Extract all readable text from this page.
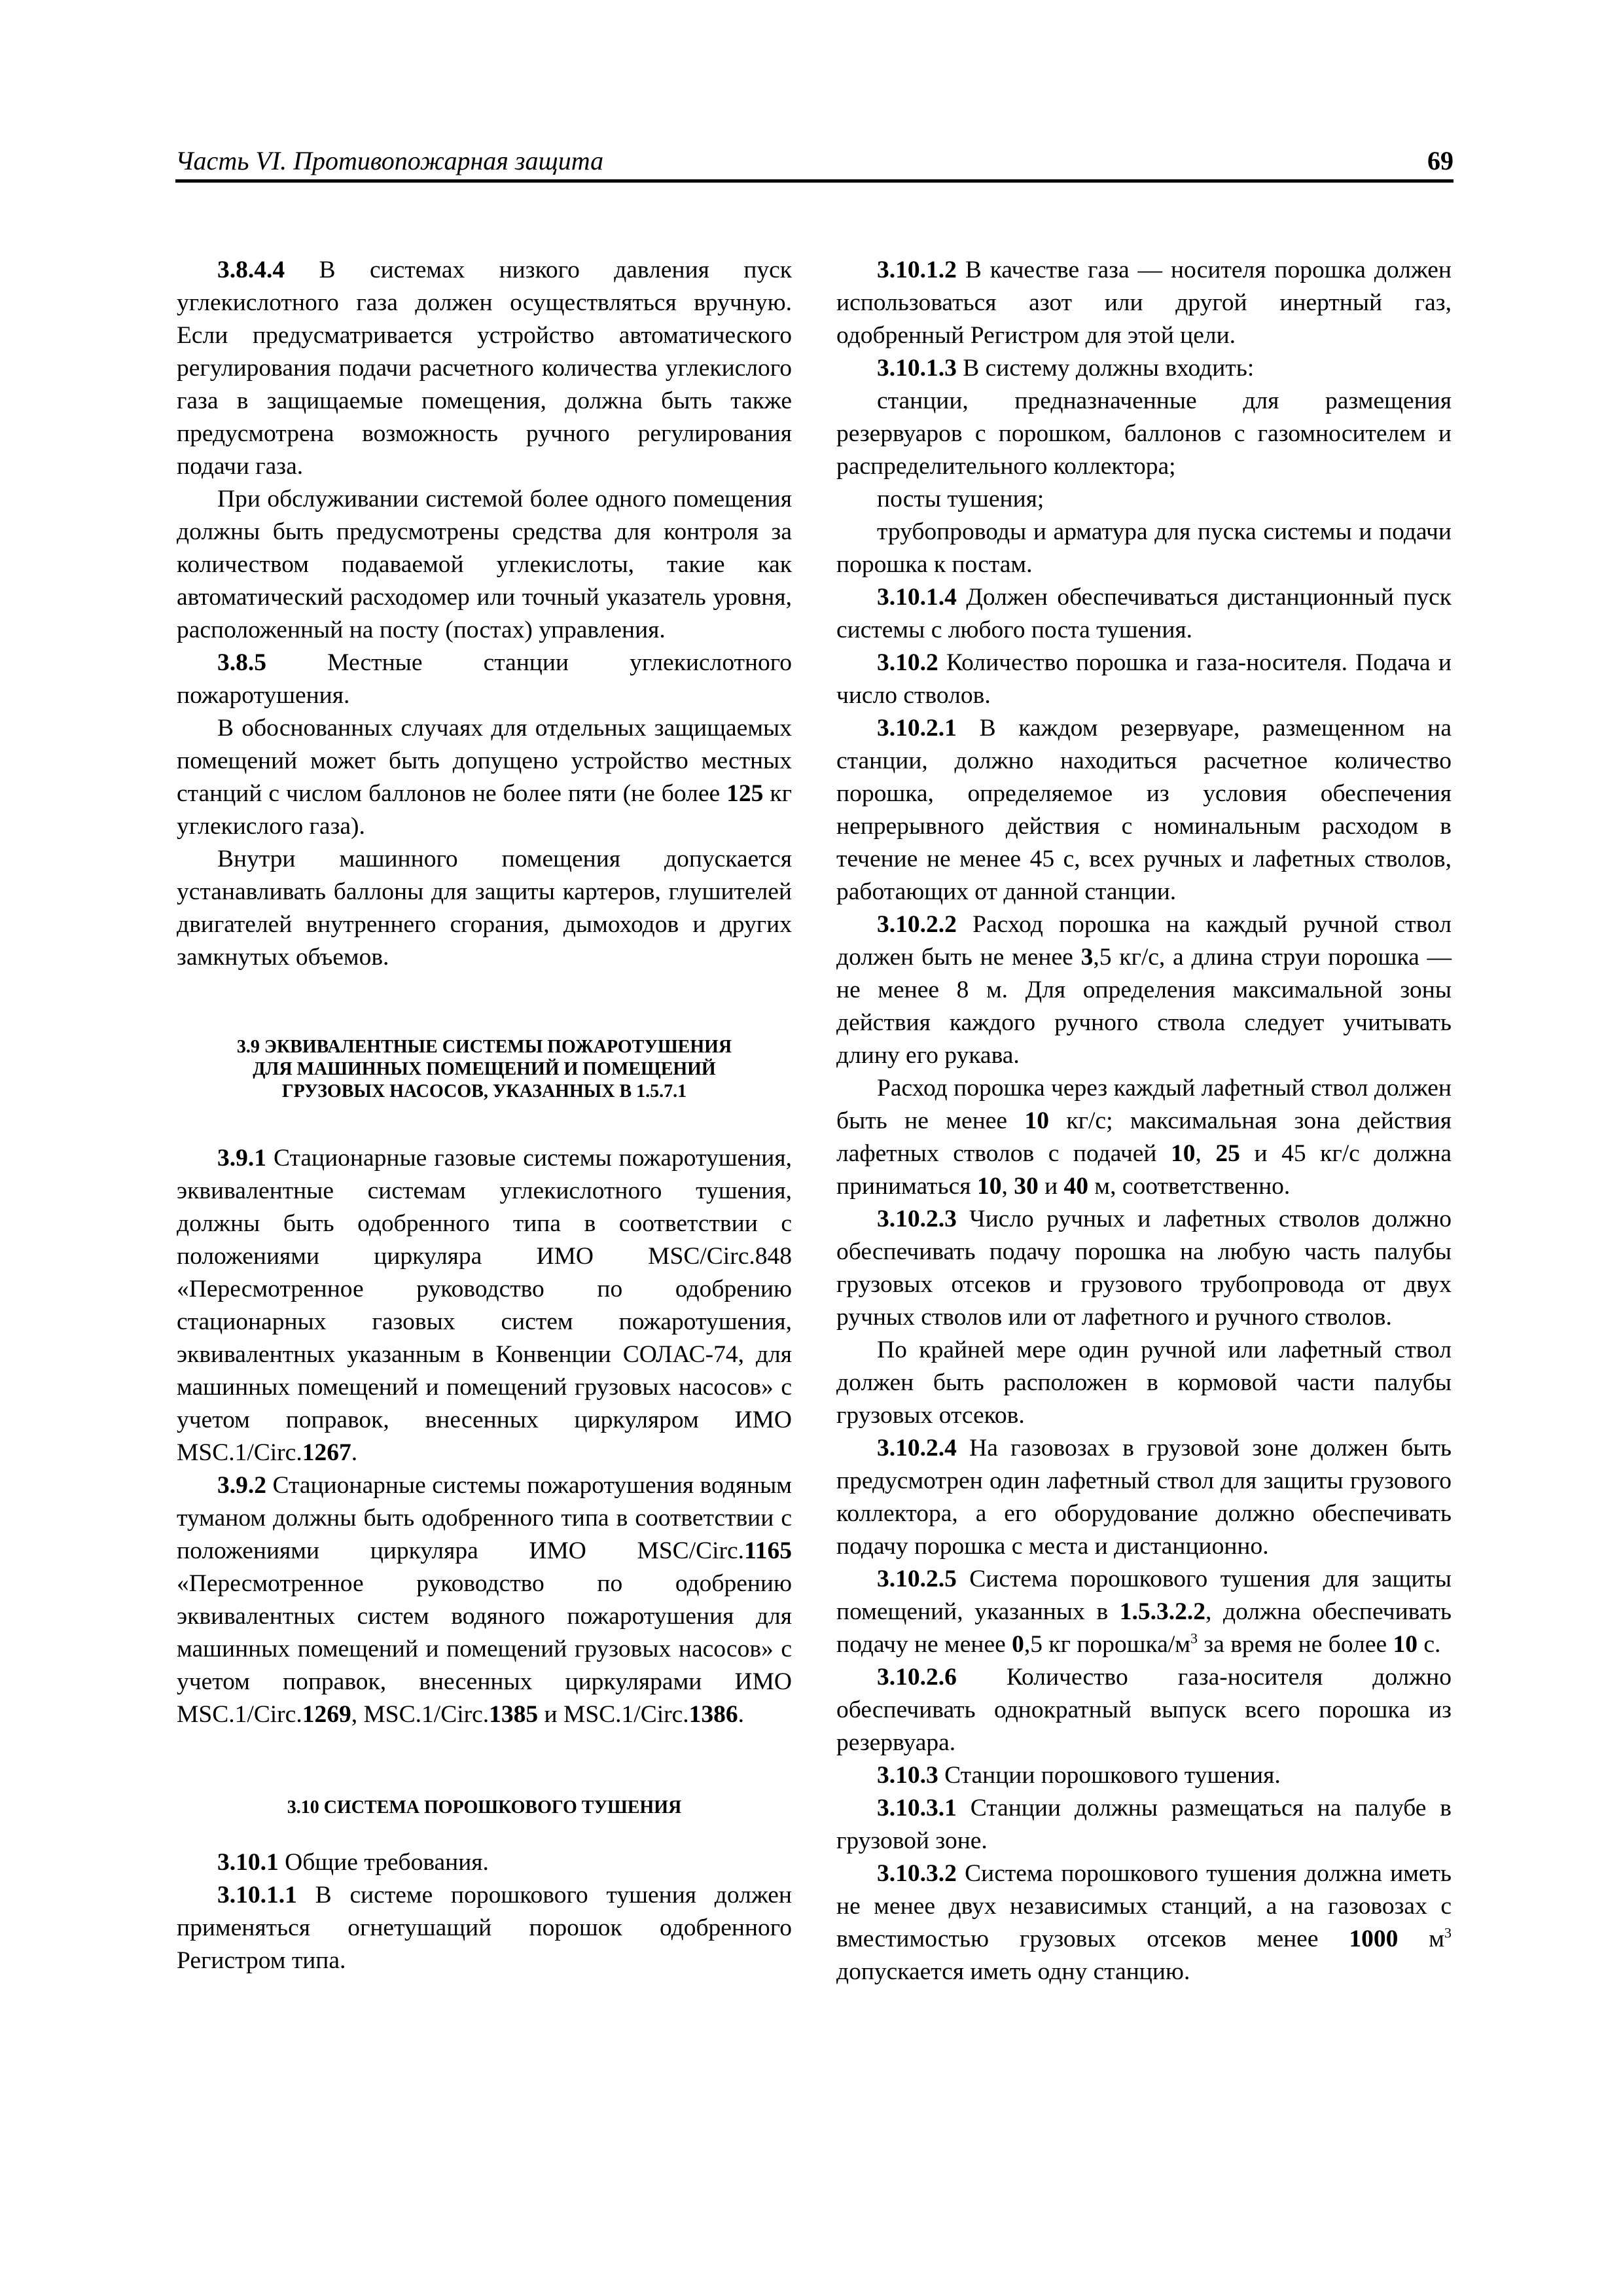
Часть VI. Противопожарная защита	69

3.8.4.4 В системах низкого давления пуск углекислотного газа должен осуществляться вручную. Если предусматривается устройство автоматического регулирования подачи расчетного количества углекислого газа в защищаемые помещения, должна быть также предусмотрена возможность ручного регулирования подачи газа.

При обслуживании системой более одного помещения должны быть предусмотрены средства для контроля за количеством подаваемой углекислоты, такие как автоматический расходомер или точный указатель уровня, расположенный на посту (постах) управления.

3.8.5 Местные станции углекислотного пожаротушения.

В обоснованных случаях для отдельных защищаемых помещений может быть допущено устройство местных станций с числом баллонов не более пяти (не более 125 кг углекислого газа).

Внутри машинного помещения допускается устанавливать баллоны для защиты картеров, глушителей двигателей внутреннего сгорания, дымоходов и других замкнутых объемов.

3.9 ЭКВИВАЛЕНТНЫЕ СИСТЕМЫ ПОЖАРОТУШЕНИЯ
ДЛЯ МАШИННЫХ ПОМЕЩЕНИЙ И ПОМЕЩЕНИЙ
ГРУЗОВЫХ НАСОСОВ, УКАЗАННЫХ В 1.5.7.1

3.9.1 Стационарные газовые системы пожаротушения, эквивалентные системам углекислотного тушения, должны быть одобренного типа в соответствии с положениями циркуляра ИМО MSC/Circ.848 «Пересмотренное руководство по одобрению стационарных газовых систем пожаротушения, эквивалентных указанным в Конвенции СОЛАС-74, для машинных помещений и помещений грузовых насосов» с учетом поправок, внесенных циркуляром ИМО MSC.1/Circ.1267.

3.9.2 Стационарные системы пожаротушения водяным туманом должны быть одобренного типа в соответствии с положениями циркуляра ИМО MSC/Circ.1165 «Пересмотренное руководство по одобрению эквивалентных систем водяного пожаротушения для машинных помещений и помещений грузовых насосов» с учетом поправок, внесенных циркулярами ИМО MSC.1/Circ.1269, MSC.1/Circ.1385 и MSC.1/Circ.1386.

3.10 СИСТЕМА ПОРОШКОВОГО ТУШЕНИЯ

3.10.1 Общие требования.

3.10.1.1 В системе порошкового тушения должен применяться огнетушащий порошок одобренного Регистром типа.

3.10.1.2 В качестве газа — носителя порошка должен использоваться азот или другой инертный газ, одобренный Регистром для этой цели.

3.10.1.3 В систему должны входить:

станции, предназначенные для размещения резервуаров с порошком, баллонов с газомносителем и распределительного коллектора;

посты тушения;

трубопроводы и арматура для пуска системы и подачи порошка к постам.

3.10.1.4 Должен обеспечиваться дистанционный пуск системы с любого поста тушения.

3.10.2 Количество порошка и газа-носителя. Подача и число стволов.

3.10.2.1 В каждом резервуаре, размещенном на станции, должно находиться расчетное количество порошка, определяемое из условия обеспечения непрерывного действия с номинальным расходом в течение не менее 45 с, всех ручных и лафетных стволов, работающих от данной станции.

3.10.2.2 Расход порошка на каждый ручной ствол должен быть не менее 3,5 кг/с, а длина струи порошка — не менее 8 м. Для определения максимальной зоны действия каждого ручного ствола следует учитывать длину его рукава.

Расход порошка через каждый лафетный ствол должен быть не менее 10 кг/с; максимальная зона действия лафетных стволов с подачей 10, 25 и 45 кг/с должна приниматься 10, 30 и 40 м, соответственно.

3.10.2.3 Число ручных и лафетных стволов должно обеспечивать подачу порошка на любую часть палубы грузовых отсеков и грузового трубопровода от двух ручных стволов или от лафетного и ручного стволов.

По крайней мере один ручной или лафетный ствол должен быть расположен в кормовой части палубы грузовых отсеков.

3.10.2.4 На газовозах в грузовой зоне должен быть предусмотрен один лафетный ствол для защиты грузового коллектора, а его оборудование должно обеспечивать подачу порошка с места и дистанционно.

3.10.2.5 Система порошкового тушения для защиты помещений, указанных в 1.5.3.2.2, должна обеспечивать подачу не менее 0,5 кг порошка/$м^3$ за время не более 10 с.

3.10.2.6 Количество газа-носителя должно обеспечивать однократный выпуск всего порошка из резервуара.

3.10.3 Станции порошкового тушения.

3.10.3.1 Станции должны размещаться на палубе в грузовой зоне.

3.10.3.2 Система порошкового тушения должна иметь не менее двух независимых станций, а на газовозах с вместимостью грузовых отсеков менее 1000 $м^3$ допускается иметь одну станцию.
